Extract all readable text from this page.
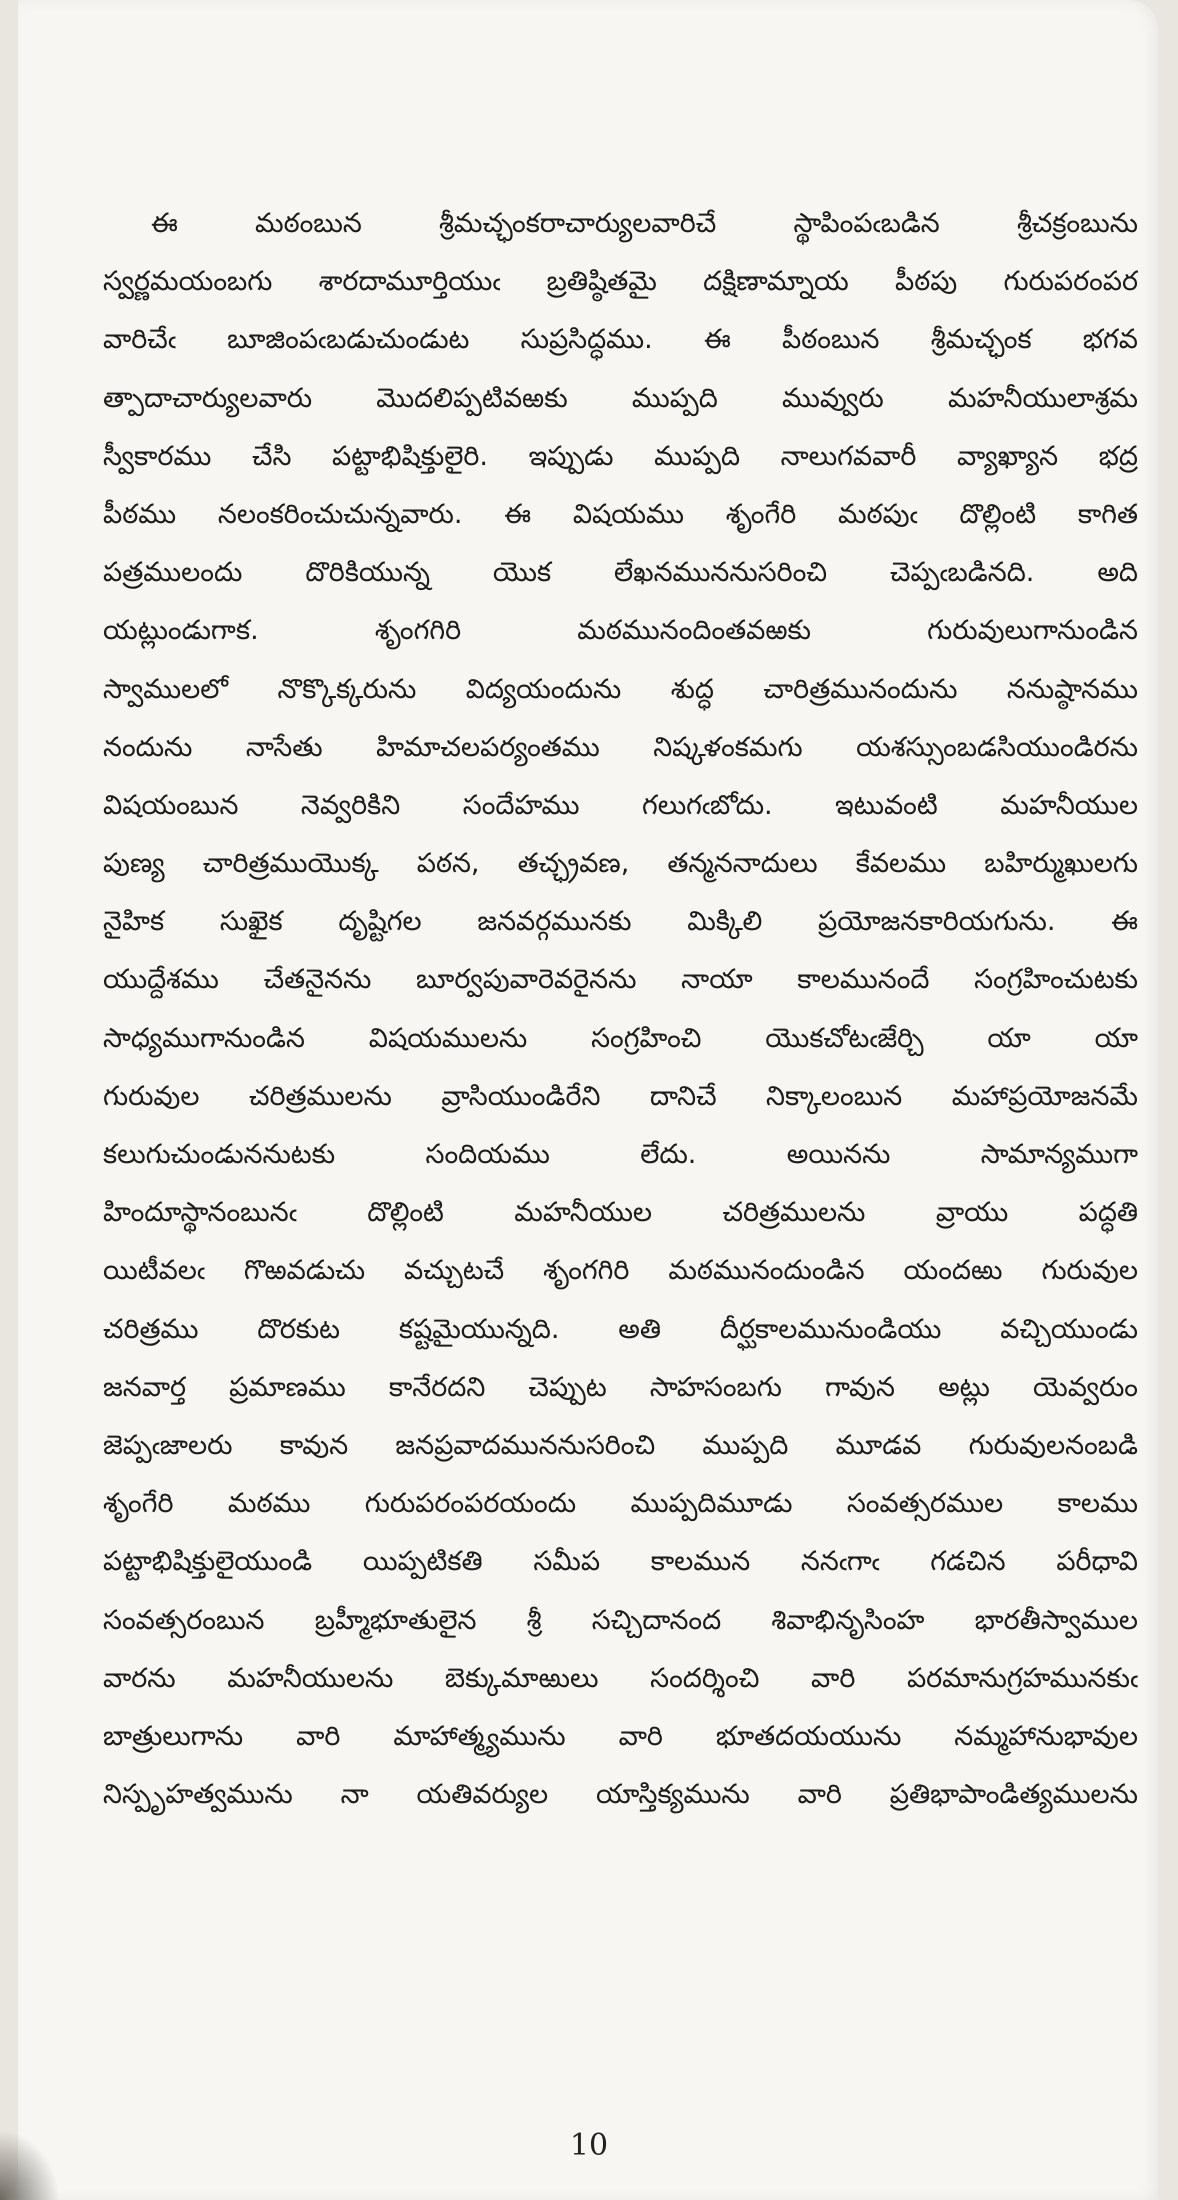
ఈ మఠంబున శ్రీమచ్ఛంకరాచార్యులవారిచే స్థాపింపఁబడిన శ్రీచక్రంబును
స్వర్ణమయంబగు శారదామూర్తియుఁ బ్రతిష్ఠితమై దక్షిణామ్నాయ పీఠపు గురుపరంపర
వారిచేఁ బూజింపఁబడుచుండుట సుప్రసిద్ధము. ఈ పీఠంబున శ్రీమచ్ఛంక భగవ
త్పాదాచార్యులవారు మొదలిప్పటివఱకు ముప్పది మువ్వురు మహనీయులాశ్రమ
స్వీకారము చేసి పట్టాభిషిక్తులైరి. ఇప్పుడు ముప్పది నాలుగవవారీ వ్యాఖ్యాన భద్ర
పీఠము నలంకరించుచున్నవారు. ఈ విషయము శృంగేరి మఠపుఁ దొల్లింటి కాగిత
పత్రములందు దొరికియున్న యొక లేఖనముననుసరించి చెప్పఁబడినది. అది
యట్లుండుగాక. శృంగగిరి మఠమునందింతవఱకు గురువులుగానుండిన
స్వాములలో నొక్కొక్కరును విద్యయందును శుద్ధ చారిత్రమునందును ననుష్ఠానము
నందును నాసేతు హిమాచలపర్యంతము నిష్కళంకమగు యశస్సుంబడసియుండిరను
విషయంబున నెవ్వరికిని సందేహము గలుగఁబోదు. ఇటువంటి మహనీయుల
పుణ్య చారిత్రముయొక్క పఠన, తచ్ఛ్రవణ, తన్మననాదులు కేవలము బహిర్ముఖులగు
నైహిక సుఖైక దృష్టిగల జనవర్గమునకు మిక్కిలి ప్రయోజనకారియగును. ఈ
యుద్దేశము చేతనైనను బూర్వపువారెవరైనను నాయా కాలమునందే సంగ్రహించుటకు
సాధ్యముగానుండిన విషయములను సంగ్రహించి యొకచోటఁజేర్చి యా యా
గురువుల చరిత్రములను వ్రాసియుండిరేని దానిచే నిక్కాలంబున మహాప్రయోజనమే
కలుగుచుండుననుటకు సందియము లేదు. అయినను సామాన్యముగా
హిందూస్థానంబునఁ దొల్లింటి మహనీయుల చరిత్రములను వ్రాయు పద్ధతి
యిటీవలఁ గొఱవడుచు వచ్చుటచే శృంగగిరి మఠమునందుండిన యందఱు గురువుల
చరిత్రము దొరకుట కష్టమైయున్నది. అతి దీర్ఘకాలమునుండియు వచ్చియుండు
జనవార్త ప్రమాణము కానేరదని చెప్పుట సాహసంబగు గావున అట్లు యెవ్వరుం
జెప్పఁజాలరు కావున జనప్రవాదముననుసరించి ముప్పది మూడవ గురువులనంబడి
శృంగేరి మఠము గురుపరంపరయందు ముప్పదిమూడు సంవత్సరముల కాలము
పట్టాభిషిక్తులైయుండి యిప్పటికతి సమీప కాలమున ననఁగాఁ గడచిన పరీధావి
సంవత్సరంబున బ్రహ్మీభూతులైన శ్రీ సచ్చిదానంద శివాభినృసింహ భారతీస్వాముల
వారను మహనీయులను బెక్కుమాఱులు సందర్శించి వారి పరమానుగ్రహమునకుఁ
బాత్రులుగాను వారి మాహాత్మ్యమును వారి భూతదయయును నమ్మహానుభావుల
నిస్పృహత్వమును నా యతివర్యుల యాస్తిక్యమును వారి ప్రతిభాపాండిత్యములను
10
